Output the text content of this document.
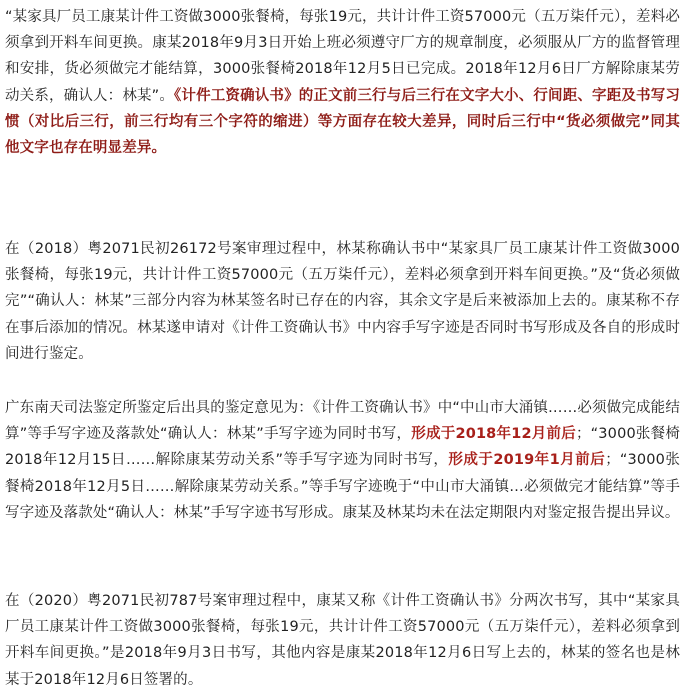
“某家具厂员工康某计件工资做3000张餐椅，每张19元，共计计件工资57000元（五万柒仟元），差料必须拿到开料车间更换。康某2018年9月3日开始上班必须遵守厂方的规章制度，必须服从厂方的监督管理和安排，货必须做完才能结算，3000张餐椅2018年12月5日已完成。2018年12月6日厂方解除康某劳动关系，确认人：林某”。《计件工资确认书》的正文前三行与后三行在文字大小、行间距、字距及书写习惯（对比后三行，前三行均有三个字符的缩进）等方面存在较大差异，同时后三行中“货必须做完”同其他文字也存在明显差异。

在（2018）粤2071民初26172号案审理过程中，林某称确认书中“某家具厂员工康某计件工资做3000张餐椅，每张19元，共计计件工资57000元（五万柒仟元），差料必须拿到开料车间更换。”及“货必须做完”“确认人：林某”三部分内容为林某签名时已存在的内容，其余文字是后来被添加上去的。康某称不存在事后添加的情况。林某遂申请对《计件工资确认书》中内容手写字迹是否同时书写形成及各自的形成时间进行鉴定。

广东南天司法鉴定所鉴定后出具的鉴定意见为：《计件工资确认书》中“中山市大涌镇……必须做完成能结算”等手写字迹及落款处“确认人：林某”手写字迹为同时书写，形成于2018年12月前后；“3000张餐椅2018年12月15日……解除康某劳动关系”等手写字迹为同时书写，形成于2019年1月前后；“3000张餐椅2018年12月5日……解除康某劳动关系。”等手写字迹晚于“中山市大涌镇…必须做完才能结算”等手写字迹及落款处“确认人：林某”手写字迹书写形成。康某及林某均未在法定期限内对鉴定报告提出异议。

在（2020）粤2071民初787号案审理过程中，康某又称《计件工资确认书》分两次书写，其中“某家具厂员工康某计件工资做3000张餐椅，每张19元，共计计件工资57000元（五万柒仟元），差料必须拿到开料车间更换。”是2018年9月3日书写，其他内容是康某2018年12月6日写上去的，林某的签名也是林某于2018年12月6日签署的。
